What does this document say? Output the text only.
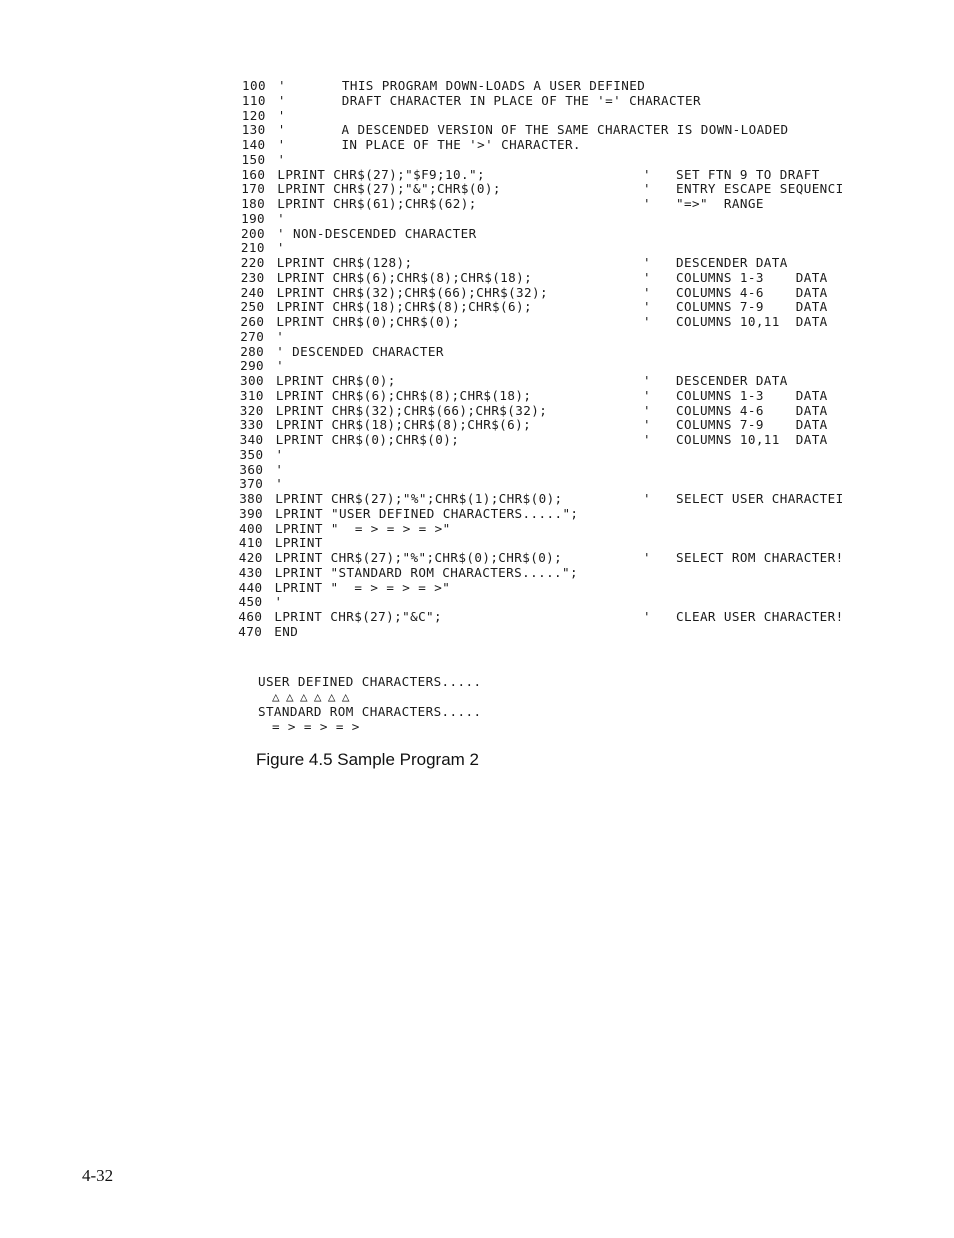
100 '       THIS PROGRAM DOWN-LOADS A USER DEFINED
110 '       DRAFT CHARACTER IN PLACE OF THE '=' CHARACTER
120 '
130 '       A DESCENDED VERSION OF THE SAME CHARACTER IS DOWN-LOADED
140 '       IN PLACE OF THE '>' CHARACTER.
150 '
160 LPRINT CHR$(27);"$F9;10.";	' SET FTN 9 TO DRAFT
170 LPRINT CHR$(27);"&";CHR$(0);	' ENTRY ESCAPE SEQUENCI
180 LPRINT CHR$(61);CHR$(62);	' "=>"  RANGE
190 '
200 ' NON-DESCENDED CHARACTER
210 '
220 LPRINT CHR$(128);	' DESCENDER DATA
230 LPRINT CHR$(6);CHR$(8);CHR$(18);	' COLUMNS 1-3    DATA
240 LPRINT CHR$(32);CHR$(66);CHR$(32);	' COLUMNS 4-6    DATA
250 LPRINT CHR$(18);CHR$(8);CHR$(6);	' COLUMNS 7-9    DATA
260 LPRINT CHR$(0);CHR$(0);	' COLUMNS 10,11  DATA
270 '
280 ' DESCENDED CHARACTER
290 '
300 LPRINT CHR$(0);	' DESCENDER DATA
310 LPRINT CHR$(6);CHR$(8);CHR$(18);	' COLUMNS 1-3    DATA
320 LPRINT CHR$(32);CHR$(66);CHR$(32);	' COLUMNS 4-6    DATA
330 LPRINT CHR$(18);CHR$(8);CHR$(6);	' COLUMNS 7-9    DATA
340 LPRINT CHR$(0);CHR$(0);	' COLUMNS 10,11  DATA
350 '
360 '
370 '
380 LPRINT CHR$(27);"%";CHR$(1);CHR$(0);	' SELECT USER CHARACTEI
390 LPRINT "USER DEFINED CHARACTERS.....";
400 LPRINT "  = > = > = >"
410 LPRINT
420 LPRINT CHR$(27);"%";CHR$(0);CHR$(0);	' SELECT ROM CHARACTER!
430 LPRINT "STANDARD ROM CHARACTERS.....";
440 LPRINT "  = > = > = >"
450 '
460 LPRINT CHR$(27);"&C";	' CLEAR USER CHARACTER!
470 END

USER DEFINED CHARACTERS.....
△ △ △ △ △ △

STANDARD ROM CHARACTERS.....
= > = > = >

Figure 4.5 Sample Program 2
4-32
